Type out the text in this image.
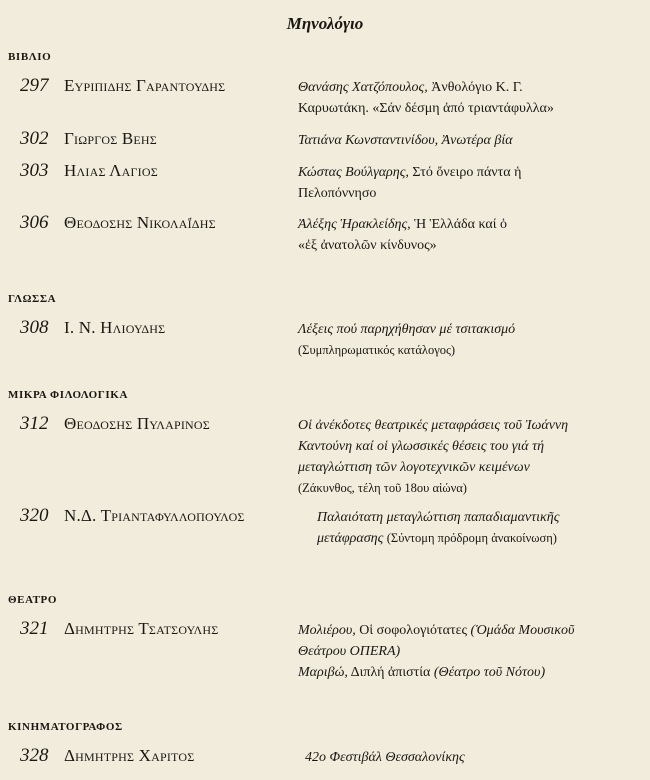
Μηνολόγιο
ΒΙΒΛΙΟ
297 Ευριπιδης Γαραντουδης	Θανάσης Χατζόπουλος, Ἀνθολόγιο Κ. Γ.
Καρυωτάκη. «Σάν δέσμη ἀπό τριαντάφυλλα»
302 Γιωργος Βεης	Τατιάνα Κωνσταντινίδου, Ἀνωτέρα βία
303 Ηλιας Λαγιος	Κώστας Βούλγαρης, Στό ὄνειρο πάντα ἡ
Πελοπόννησο
306 Θεοδοσης Νικολαΐδης	Ἀλέξης Ἡρακλείδης, Ἡ Ἑλλάδα καί ὁ
«ἐξ ἀνατολῶν κίνδυνος»
ΓΛΩΣΣΑ
308 Ι. Ν. Ηλιουδης	Λέξεις πού παρηχήθησαν μέ τσιτακισμό
(Συμπληρωματικός κατάλογος)
ΜΙΚΡΑ ΦΙΛΟΛΟΓΙΚΑ
312 Θεοδοσης Πυλαρινος	Οἱ ἀνέκδοτες θεατρικές μεταφράσεις τοῦ Ἰωάννη
Καντούνη καί οἱ γλωσσικές θέσεις του γιά τή
μεταγλώττιση τῶν λογοτεχνικῶν κειμένων
(Ζάκυνθος, τέλη τοῦ 18ου αἰώνα)
320 Ν.Δ. Τριανταφυλλοπουλος	Παλαιότατη μεταγλώττιση παπαδιαμαντικῆς
μετάφρασης (Σύντομη πρόδρομη ἀνακοίνωση)
ΘΕΑΤΡΟ
321 Δημητρης Τσατσουλης	Μολιέρου, Οἱ σοφολογιότατες (Ὁμάδα Μουσικοῦ
Θεάτρου ΟΠΕRΑ)
Μαριβώ, Διπλή ἀπιστία (Θέατρο τοῦ Νότου)
ΚΙΝΗΜΑΤΟΓΡΑΦΟΣ
328 Δημητρης Χαριτος	42ο Φεστιβάλ Θεσσαλονίκης
